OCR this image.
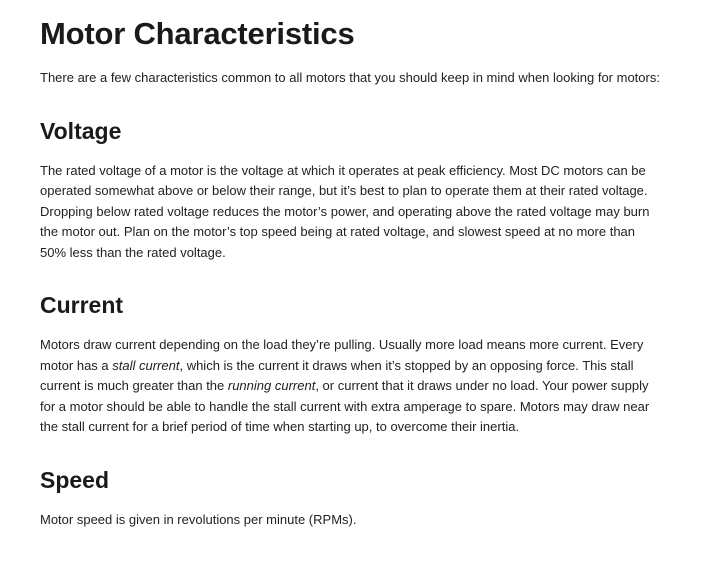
Motor Characteristics

There are a few characteristics common to all motors that you should keep in mind when looking for motors:

Voltage

The rated voltage of a motor is the voltage at which it operates at peak efficiency. Most DC motors can be operated somewhat above or below their range, but it’s best to plan to operate them at their rated voltage. Dropping below rated voltage reduces the motor’s power, and operating above the rated voltage may burn the motor out. Plan on the motor’s top speed being at rated voltage, and slowest speed at no more than 50% less than the rated voltage.

Current

Motors draw current depending on the load they’re pulling. Usually more load means more current. Every motor has a stall current, which is the current it draws when it’s stopped by an opposing force. This stall current is much greater than the running current, or current that it draws under no load. Your power supply for a motor should be able to handle the stall current with extra amperage to spare. Motors may draw near the stall current for a brief period of time when starting up, to overcome their inertia.

Speed

Motor speed is given in revolutions per minute (RPMs).
